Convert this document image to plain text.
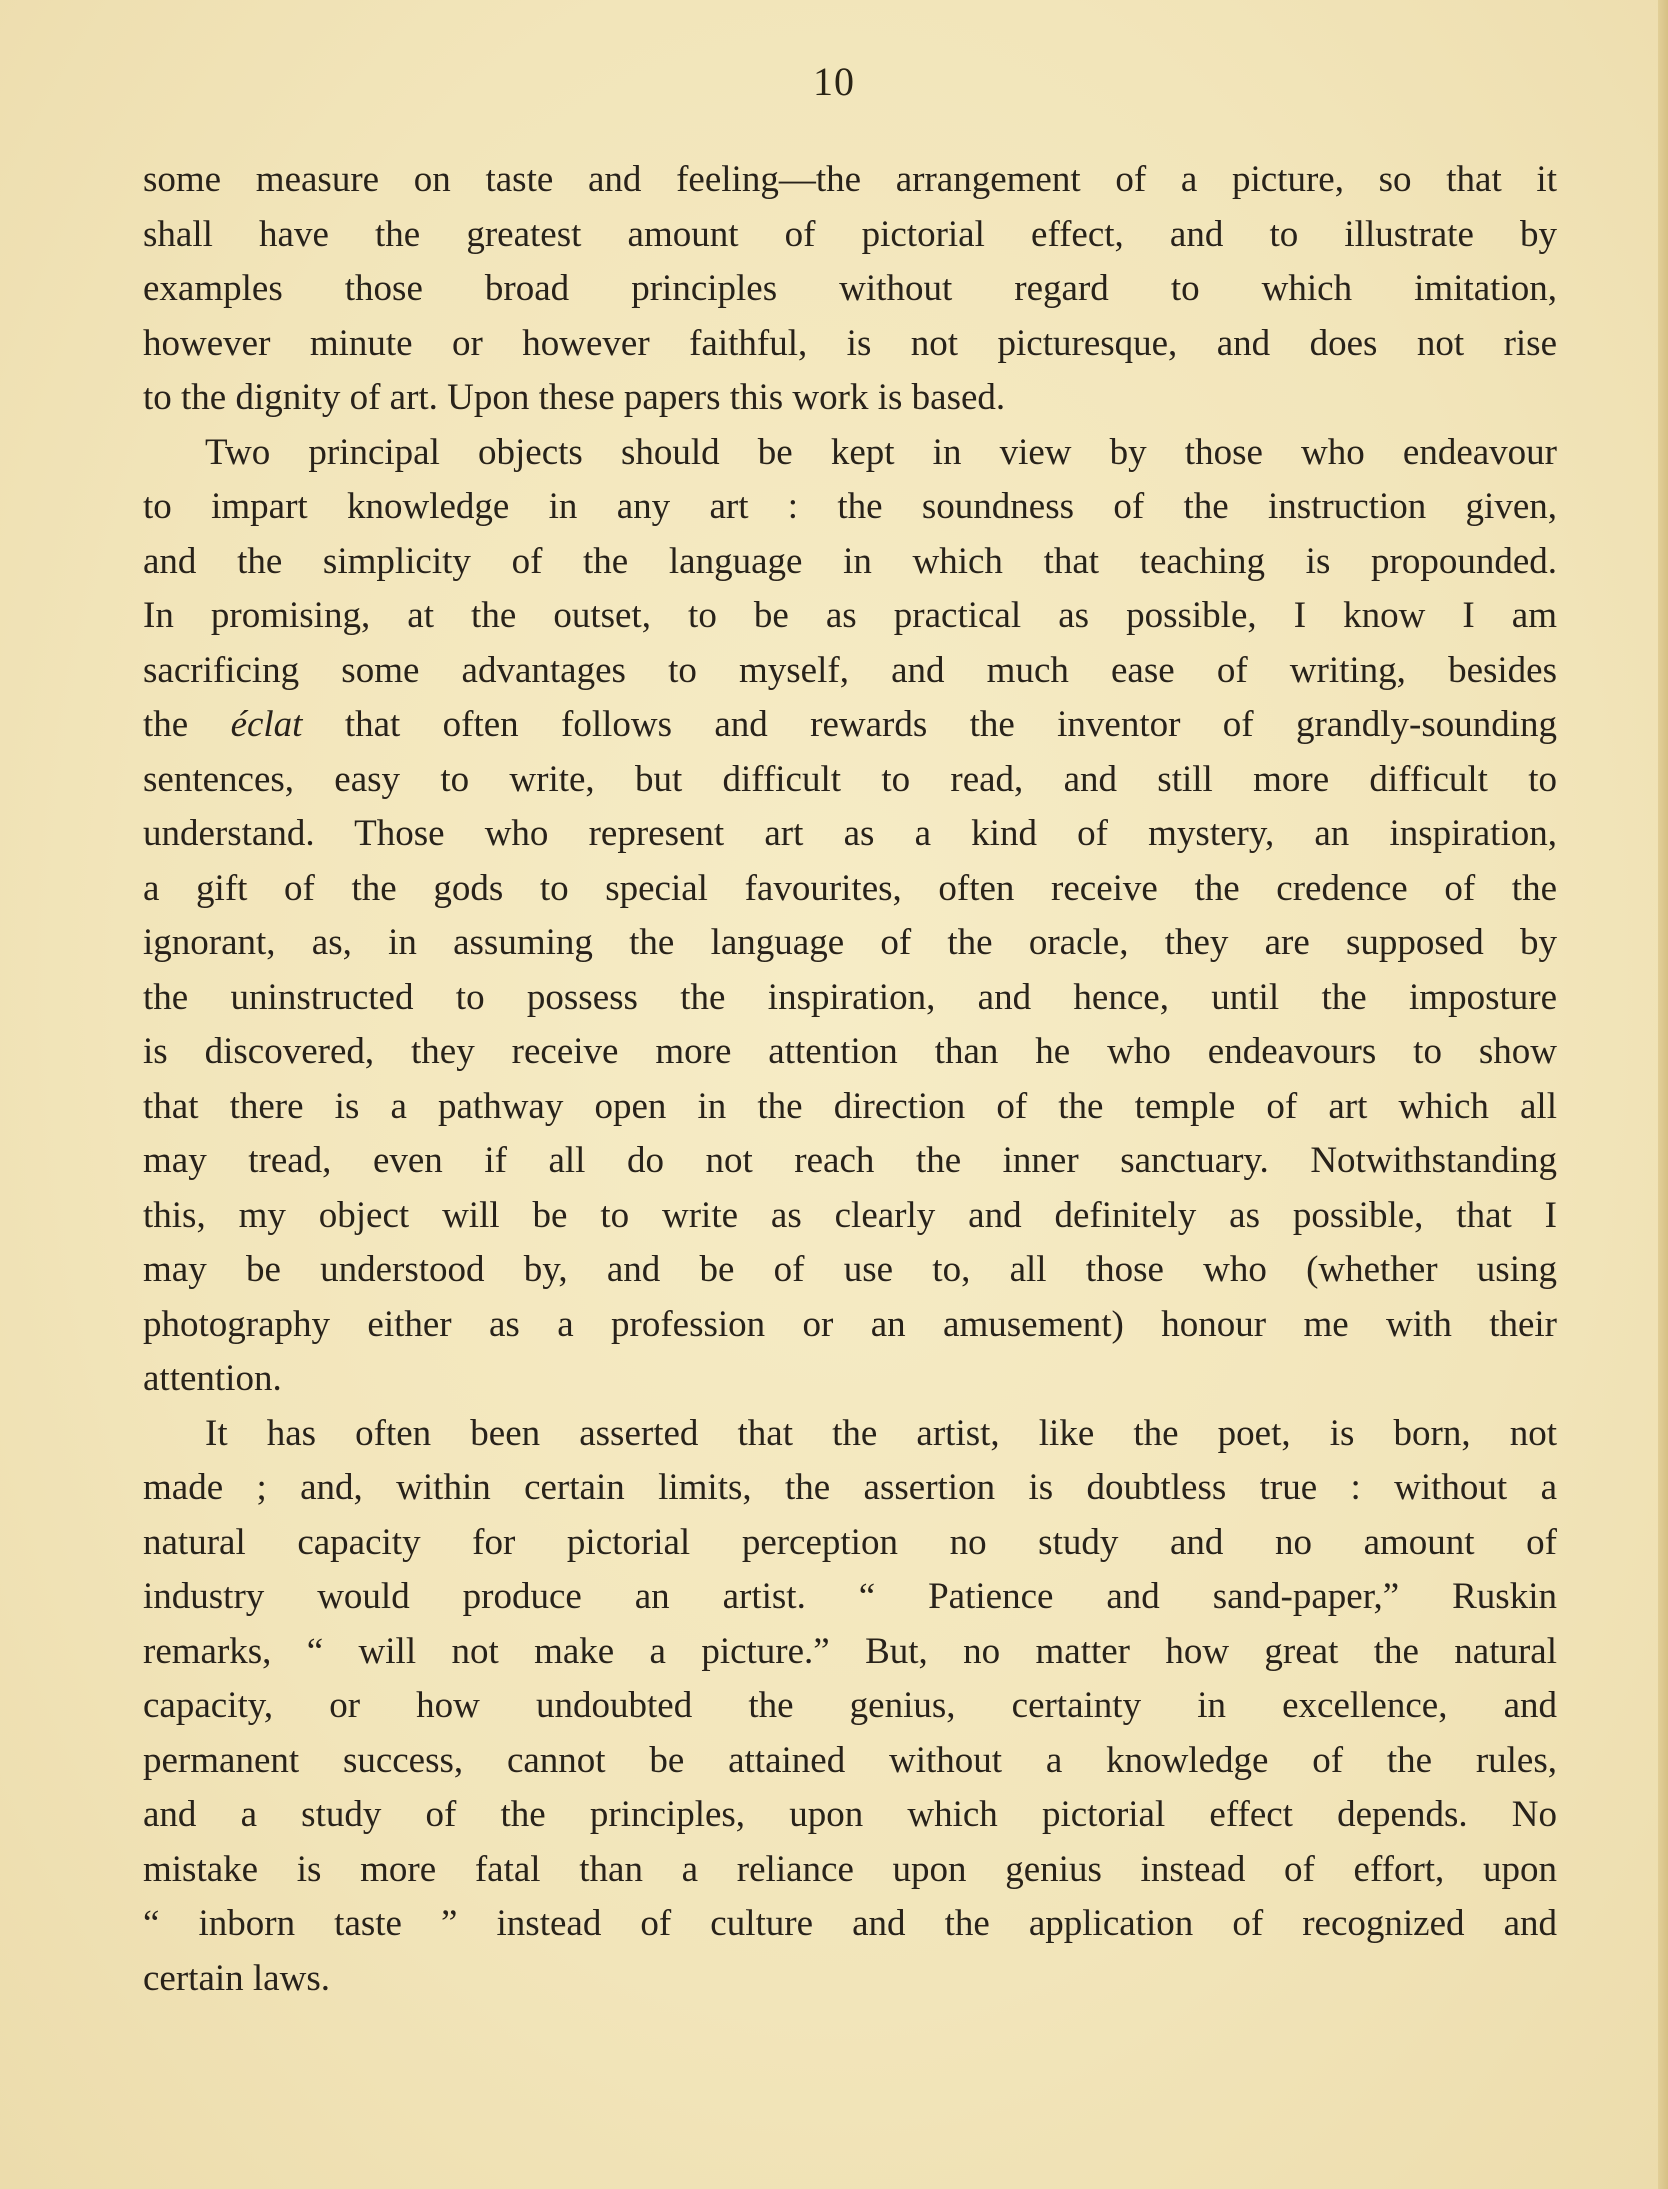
10
some measure on taste and feeling—the arrangement of a picture, so that it
shall have the greatest amount of pictorial effect, and to illustrate by
examples those broad principles without regard to which imitation,
however minute or however faithful, is not picturesque, and does not rise
to the dignity of art. Upon these papers this work is based.
Two principal objects should be kept in view by those who endeavour
to impart knowledge in any art : the soundness of the instruction given,
and the simplicity of the language in which that teaching is propounded.
In promising, at the outset, to be as practical as possible, I know I am
sacrificing some advantages to myself, and much ease of writing, besides
the éclat that often follows and rewards the inventor of grandly-sounding
sentences, easy to write, but difficult to read, and still more difficult to
understand. Those who represent art as a kind of mystery, an inspiration,
a gift of the gods to special favourites, often receive the credence of the
ignorant, as, in assuming the language of the oracle, they are supposed by
the uninstructed to possess the inspiration, and hence, until the imposture
is discovered, they receive more attention than he who endeavours to show
that there is a pathway open in the direction of the temple of art which all
may tread, even if all do not reach the inner sanctuary. Notwithstanding
this, my object will be to write as clearly and definitely as possible, that I
may be understood by, and be of use to, all those who (whether using
photography either as a profession or an amusement) honour me with their
attention.
It has often been asserted that the artist, like the poet, is born, not
made ; and, within certain limits, the assertion is doubtless true : without a
natural capacity for pictorial perception no study and no amount of
industry would produce an artist. “ Patience and sand-paper,” Ruskin
remarks, “ will not make a picture.” But, no matter how great the natural
capacity, or how undoubted the genius, certainty in excellence, and
permanent success, cannot be attained without a knowledge of the rules,
and a study of the principles, upon which pictorial effect depends. No
mistake is more fatal than a reliance upon genius instead of effort, upon
“ inborn taste ” instead of culture and the application of recognized and
certain laws.
